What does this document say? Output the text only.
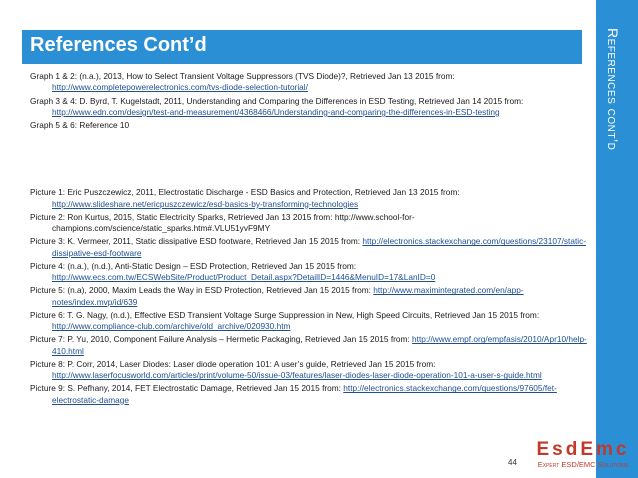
References Cont’d	References cont’d
Graph 1 & 2: (n.a.), 2013, How to Select Transient Voltage Suppressors (TVS Diode)?, Retrieved Jan 13 2015 from: http://www.completepowerelectronics.com/tvs-diode-selection-tutorial/
Graph 3 & 4: D. Byrd, T. Kugelstadt, 2011, Understanding and Comparing the Differences in ESD Testing, Retrieved Jan 14 2015 from: http://www.edn.com/design/test-and-measurement/4368466/Understanding-and-comparing-the-differences-in-ESD-testing
Graph 5 & 6: Reference 10
Picture 1: Eric Puszczewicz, 2011, Electrostatic Discharge - ESD Basics and Protection, Retrieved Jan 13 2015 from: http://www.slideshare.net/ericpuszczewicz/esd-basics-by-transforming-technologies
Picture 2: Ron Kurtus, 2015, Static Electricity Sparks, Retrieved Jan 13 2015 from: http://www.school-for-champions.com/science/static_sparks.htm#.VLU51yvF9MY
Picture 3: K. Vermeer, 2011, Static dissipative ESD footware, Retrieved Jan 15 2015 from: http://electronics.stackexchange.com/questions/23107/static-dissipative-esd-footware
Picture 4: (n.a.), (n.d.), Anti-Static Design – ESD Protection, Retrieved Jan 15 2015 from: http://www.ecs.com.tw/ECSWebSite/Product/Product_Detail.aspx?DetailID=1446&MenuID=17&LanID=0
Picture 5: (n.a), 2000, Maxim Leads the Way in ESD Protection, Retrieved Jan 15 2015 from: http://www.maximintegrated.com/en/app-notes/index.mvp/id/639
Picture 6: T. G. Nagy, (n.d.), Effective ESD Transient Voltage Surge Suppression in New, High Speed Circuits, Retrieved Jan 15 2015 from: http://www.compliance-club.com/archive/old_archive/020930.htm
Picture 7: P. Yu, 2010, Component Failure Analysis – Hermetic Packaging, Retrieved Jan 15 2015 from: http://www.empf.org/empfasis/2010/Apr10/help-410.html
Picture 8: P. Corr, 2014, Laser Diodes: Laser diode operation 101: A user’s guide, Retrieved Jan 15 2015 from: http://www.laserfocusworld.com/articles/print/volume-50/issue-03/features/laser-diodes-laser-diode-operation-101-a-user-s-guide.html
Picture 9: S. Pefhany, 2014, FET Electrostatic Damage, Retrieved Jan 15 2015 from: http://electronics.stackexchange.com/questions/97605/fet-electrostatic-damage
44
EsdEmc
Expert ESD/EMC Solutions
